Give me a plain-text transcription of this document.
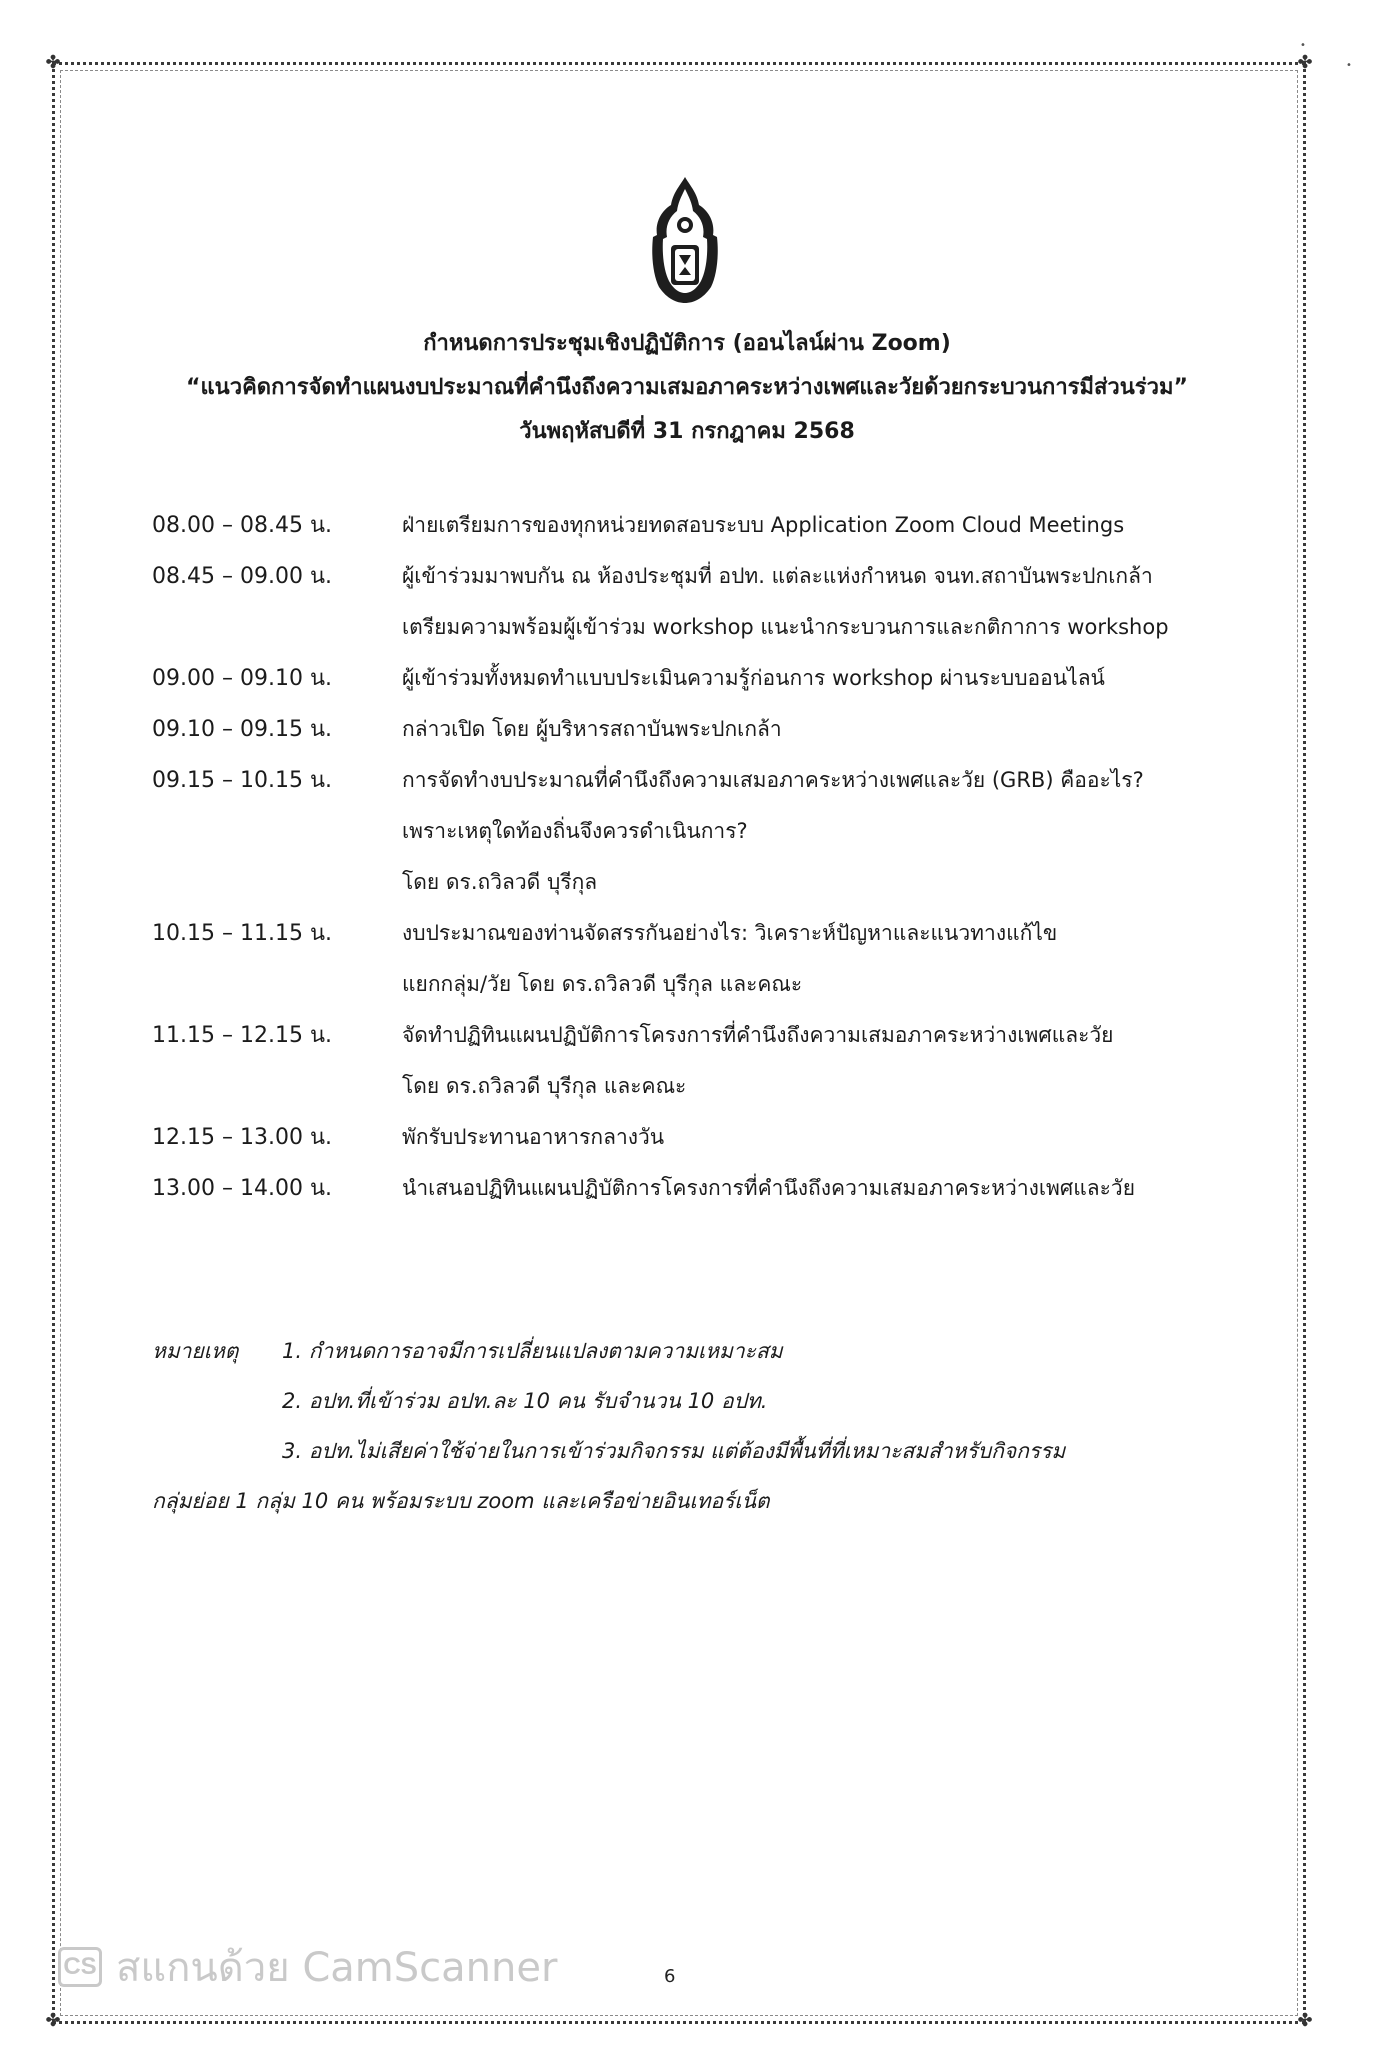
✤	✤
✤	✤
กำหนดการประชุมเชิงปฏิบัติการ (ออนไลน์ผ่าน Zoom)
“แนวคิดการจัดทำแผนงบประมาณที่คำนึงถึงความเสมอภาคระหว่างเพศและวัยด้วยกระบวนการมีส่วนร่วม”
วันพฤหัสบดีที่ 31 กรกฎาคม 2568
08.00 – 08.45 น.	ฝ่ายเตรียมการของทุกหน่วยทดสอบระบบ Application Zoom Cloud Meetings
08.45 – 09.00 น.	ผู้เข้าร่วมมาพบกัน ณ ห้องประชุมที่ อปท. แต่ละแห่งกำหนด จนท.สถาบันพระปกเกล้า
เตรียมความพร้อมผู้เข้าร่วม workshop แนะนำกระบวนการและกติกาการ workshop
09.00 – 09.10 น.	ผู้เข้าร่วมทั้งหมดทำแบบประเมินความรู้ก่อนการ workshop ผ่านระบบออนไลน์
09.10 – 09.15 น.	กล่าวเปิด โดย ผู้บริหารสถาบันพระปกเกล้า
09.15 – 10.15 น.	การจัดทำงบประมาณที่คำนึงถึงความเสมอภาคระหว่างเพศและวัย (GRB) คืออะไร?
เพราะเหตุใดท้องถิ่นจึงควรดำเนินการ?
โดย ดร.ถวิลวดี บุรีกุล
10.15 – 11.15 น.	งบประมาณของท่านจัดสรรกันอย่างไร: วิเคราะห์ปัญหาและแนวทางแก้ไข
แยกกลุ่ม/วัย โดย ดร.ถวิลวดี บุรีกุล และคณะ
11.15 – 12.15 น.	จัดทำปฏิทินแผนปฏิบัติการโครงการที่คำนึงถึงความเสมอภาคระหว่างเพศและวัย
โดย ดร.ถวิลวดี บุรีกุล และคณะ
12.15 – 13.00 น.	พักรับประทานอาหารกลางวัน
13.00 – 14.00 น.	นำเสนอปฏิทินแผนปฏิบัติการโครงการที่คำนึงถึงความเสมอภาคระหว่างเพศและวัย
หมายเหตุ	1. กำหนดการอาจมีการเปลี่ยนแปลงตามความเหมาะสม
2. อปท.ที่เข้าร่วม อปท.ละ 10 คน รับจำนวน 10 อปท.
3. อปท.ไม่เสียค่าใช้จ่ายในการเข้าร่วมกิจกรรม แต่ต้องมีพื้นที่ที่เหมาะสมสำหรับกิจกรรม
กลุ่มย่อย 1 กลุ่ม 10 คน พร้อมระบบ zoom และเครือข่ายอินเทอร์เน็ต
CS สแกนด้วย CamScanner	6
•
•
